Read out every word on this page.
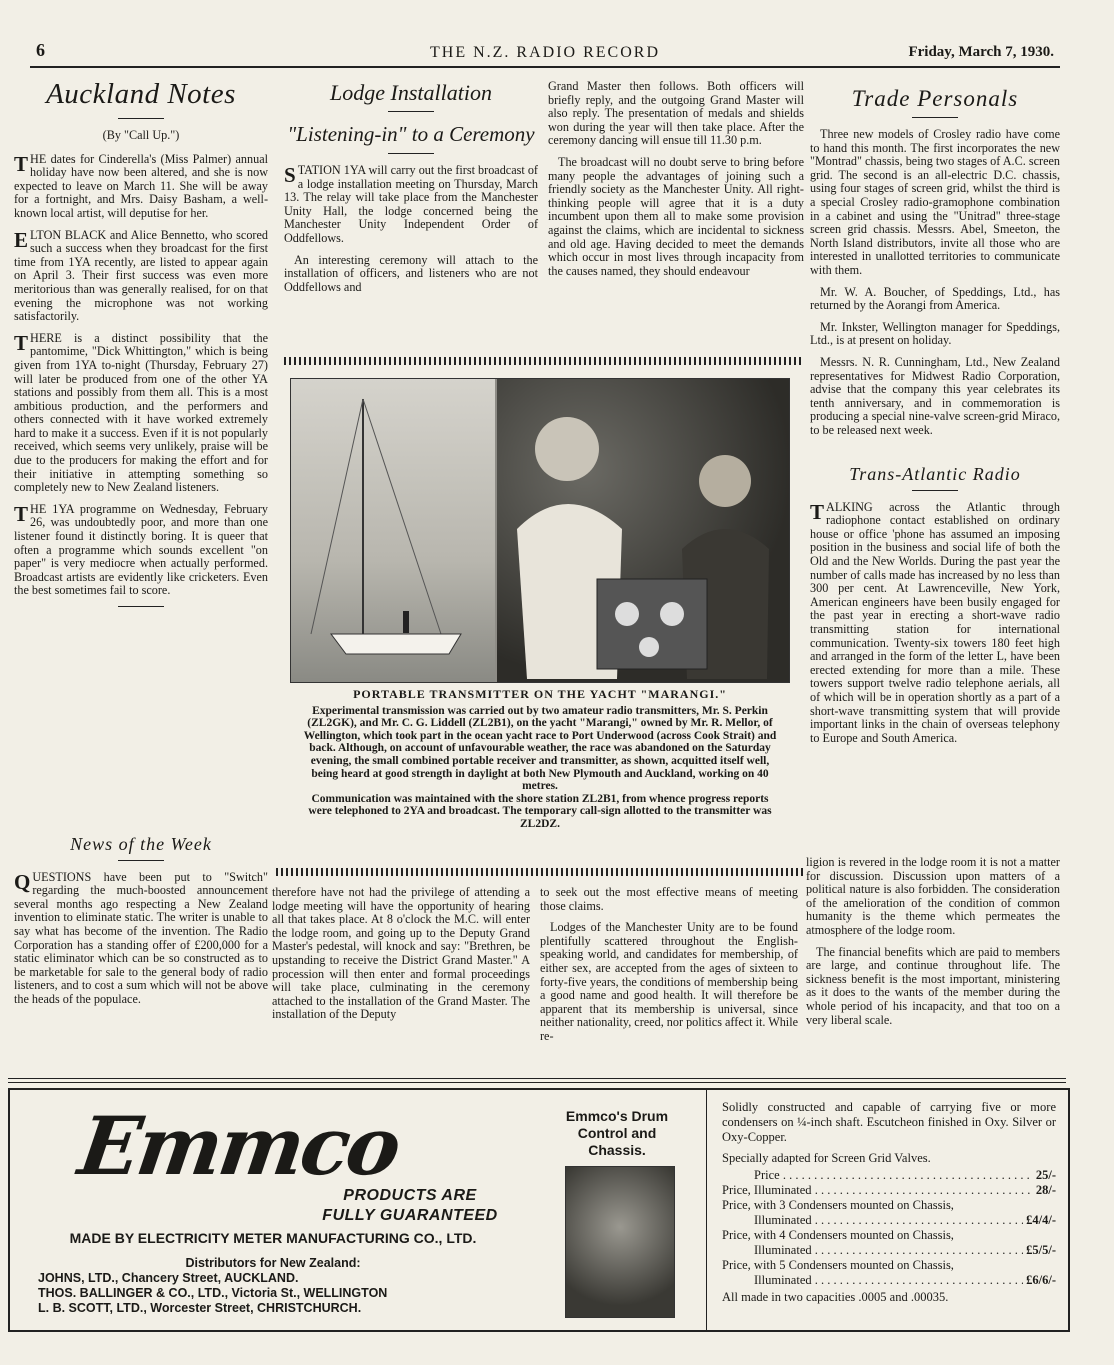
6	THE N.Z. RADIO RECORD	Friday, March 7, 1930.
Auckland Notes
(By "Call Up.")

THE dates for Cinderella's (Miss Palmer) annual holiday have now been altered, and she is now expected to leave on March 11. She will be away for a fortnight, and Mrs. Daisy Basham, a well-known local artist, will deputise for her.

ELTON BLACK and Alice Bennetto, who scored such a success when they broadcast for the first time from 1YA recently, are listed to appear again on April 3. Their first success was even more meritorious than was generally realised, for on that evening the microphone was not working satisfactorily.

THERE is a distinct possibility that the pantomime, "Dick Whittington," which is being given from 1YA to-night (Thursday, February 27) will later be produced from one of the other YA stations and possibly from them all. This is a most ambitious production, and the performers and others connected with it have worked extremely hard to make it a success. Even if it is not popularly received, which seems very unlikely, praise will be due to the producers for making the effort and for their initiative in attempting something so completely new to New Zealand listeners.

THE 1YA programme on Wednesday, February 26, was undoubtedly poor, and more than one listener found it distinctly boring. It is queer that often a programme which sounds excellent "on paper" is very mediocre when actually performed. Broadcast artists are evidently like cricketers. Even the best sometimes fail to score.

News of the Week

QUESTIONS have been put to "Switch" regarding the much-boosted announcement several months ago respecting a New Zealand invention to eliminate static. The writer is unable to say what has become of the invention. The Radio Corporation has a standing offer of £200,000 for a static eliminator which can be so constructed as to be marketable for sale to the general body of radio listeners, and to cost a sum which will not be above the heads of the populace.

Lodge Installation
"Listening-in" to a Ceremony

STATION 1YA will carry out the first broadcast of a lodge installation meeting on Thursday, March 13. The relay will take place from the Manchester Unity Hall, the lodge concerned being the Manchester Unity Independent Order of Oddfellows.

An interesting ceremony will attach to the installation of officers, and listeners who are not Oddfellows and

Grand Master then follows. Both officers will briefly reply, and the outgoing Grand Master will also reply. The presentation of medals and shields won during the year will then take place. After the ceremony dancing will ensue till 11.30 p.m.

The broadcast will no doubt serve to bring before many people the advantages of joining such a friendly society as the Manchester Unity. All right-thinking people will agree that it is a duty incumbent upon them all to make some provision against the claims, which are incidental to sickness and old age. Having decided to meet the demands which occur in most lives through incapacity from the causes named, they should endeavour

PORTABLE TRANSMITTER ON THE YACHT "MARANGI."
Experimental transmission was carried out by two amateur radio transmitters, Mr. S. Perkin (ZL2GK), and Mr. C. G. Liddell (ZL2B1), on the yacht "Marangi," owned by Mr. R. Mellor, of Wellington, which took part in the ocean yacht race to Port Underwood (across Cook Strait) and back. Although, on account of unfavourable weather, the race was abandoned on the Saturday evening, the small combined portable receiver and transmitter, as shown, acquitted itself well, being heard at good strength in daylight at both New Plymouth and Auckland, working on 40 metres.
Communication was maintained with the shore station ZL2B1, from whence progress reports were telephoned to 2YA and broadcast. The temporary call-sign allotted to the transmitter was ZL2DZ.

therefore have not had the privilege of attending a lodge meeting will have the opportunity of hearing all that takes place. At 8 o'clock the M.C. will enter the lodge room, and going up to the Deputy Grand Master's pedestal, will knock and say: "Brethren, be upstanding to receive the District Grand Master." A procession will then enter and formal proceedings will take place, culminating in the ceremony attached to the installation of the Grand Master. The installation of the Deputy

to seek out the most effective means of meeting those claims.

Lodges of the Manchester Unity are to be found plentifully scattered throughout the English-speaking world, and candidates for membership, of either sex, are accepted from the ages of sixteen to forty-five years, the conditions of membership being a good name and good health. It will therefore be apparent that its membership is universal, since neither nationality, creed, nor politics affect it. While re-

Trade Personals

Three new models of Crosley radio have come to hand this month. The first incorporates the new "Montrad" chassis, being two stages of A.C. screen grid. The second is an all-electric D.C. chassis, using four stages of screen grid, whilst the third is a special Crosley radio-gramophone combination in a cabinet and using the "Unitrad" three-stage screen grid chassis. Messrs. Abel, Smeeton, the North Island distributors, invite all those who are interested in unallotted territories to communicate with them.

Mr. W. A. Boucher, of Speddings, Ltd., has returned by the Aorangi from America.

Mr. Inkster, Wellington manager for Speddings, Ltd., is at present on holiday.

Messrs. N. R. Cunningham, Ltd., New Zealand representatives for Midwest Radio Corporation, advise that the company this year celebrates its tenth anniversary, and in commemoration is producing a special nine-valve screen-grid Miraco, to be released next week.

Trans-Atlantic Radio

TALKING across the Atlantic through radiophone contact established on ordinary house or office 'phone has assumed an imposing position in the business and social life of both the Old and the New Worlds. During the past year the number of calls made has increased by no less than 300 per cent. At Lawrenceville, New York, American engineers have been busily engaged for the past year in erecting a short-wave radio transmitting station for international communication. Twenty-six towers 180 feet high and arranged in the form of the letter L, have been erected extending for more than a mile. These towers support twelve radio telephone aerials, all of which will be in operation shortly as a part of a short-wave transmitting system that will provide important links in the chain of overseas telephony to Europe and South America.

ligion is revered in the lodge room it is not a matter for discussion. Discussion upon matters of a political nature is also forbidden. The consideration of the amelioration of the condition of common humanity is the theme which permeates the atmosphere of the lodge room.

The financial benefits which are paid to members are large, and continue throughout life. The sickness benefit is the most important, ministering as it does to the wants of the member during the whole period of his incapacity, and that too on a very liberal scale.

Emmco
PRODUCTS ARE
FULLY GUARANTEED
MADE BY ELECTRICITY METER MANUFACTURING CO., LTD.
Distributors for New Zealand:
JOHNS, LTD., Chancery Street, AUCKLAND.
THOS. BALLINGER & CO., LTD., Victoria St., WELLINGTON
L. B. SCOTT, LTD., Worcester Street, CHRISTCHURCH.
Emmco's Drum
Control and
Chassis.
Solidly constructed and capable of carrying five or more condensers on ¼-inch shaft. Escutcheon finished in Oxy. Silver or Oxy-Copper.
Specially adapted for Screen Grid Valves.
Price . . .	25/-
Price, Illuminated . . .	28/-
Price, with 3 Condensers mounted on Chassis,
Illuminated . . .	£4/4/-
Price, with 4 Condensers mounted on Chassis,
Illuminated . . .	£5/5/-
Price, with 5 Condensers mounted on Chassis,
Illuminated . . .	£6/6/-
All made in two capacities .0005 and .00035.
